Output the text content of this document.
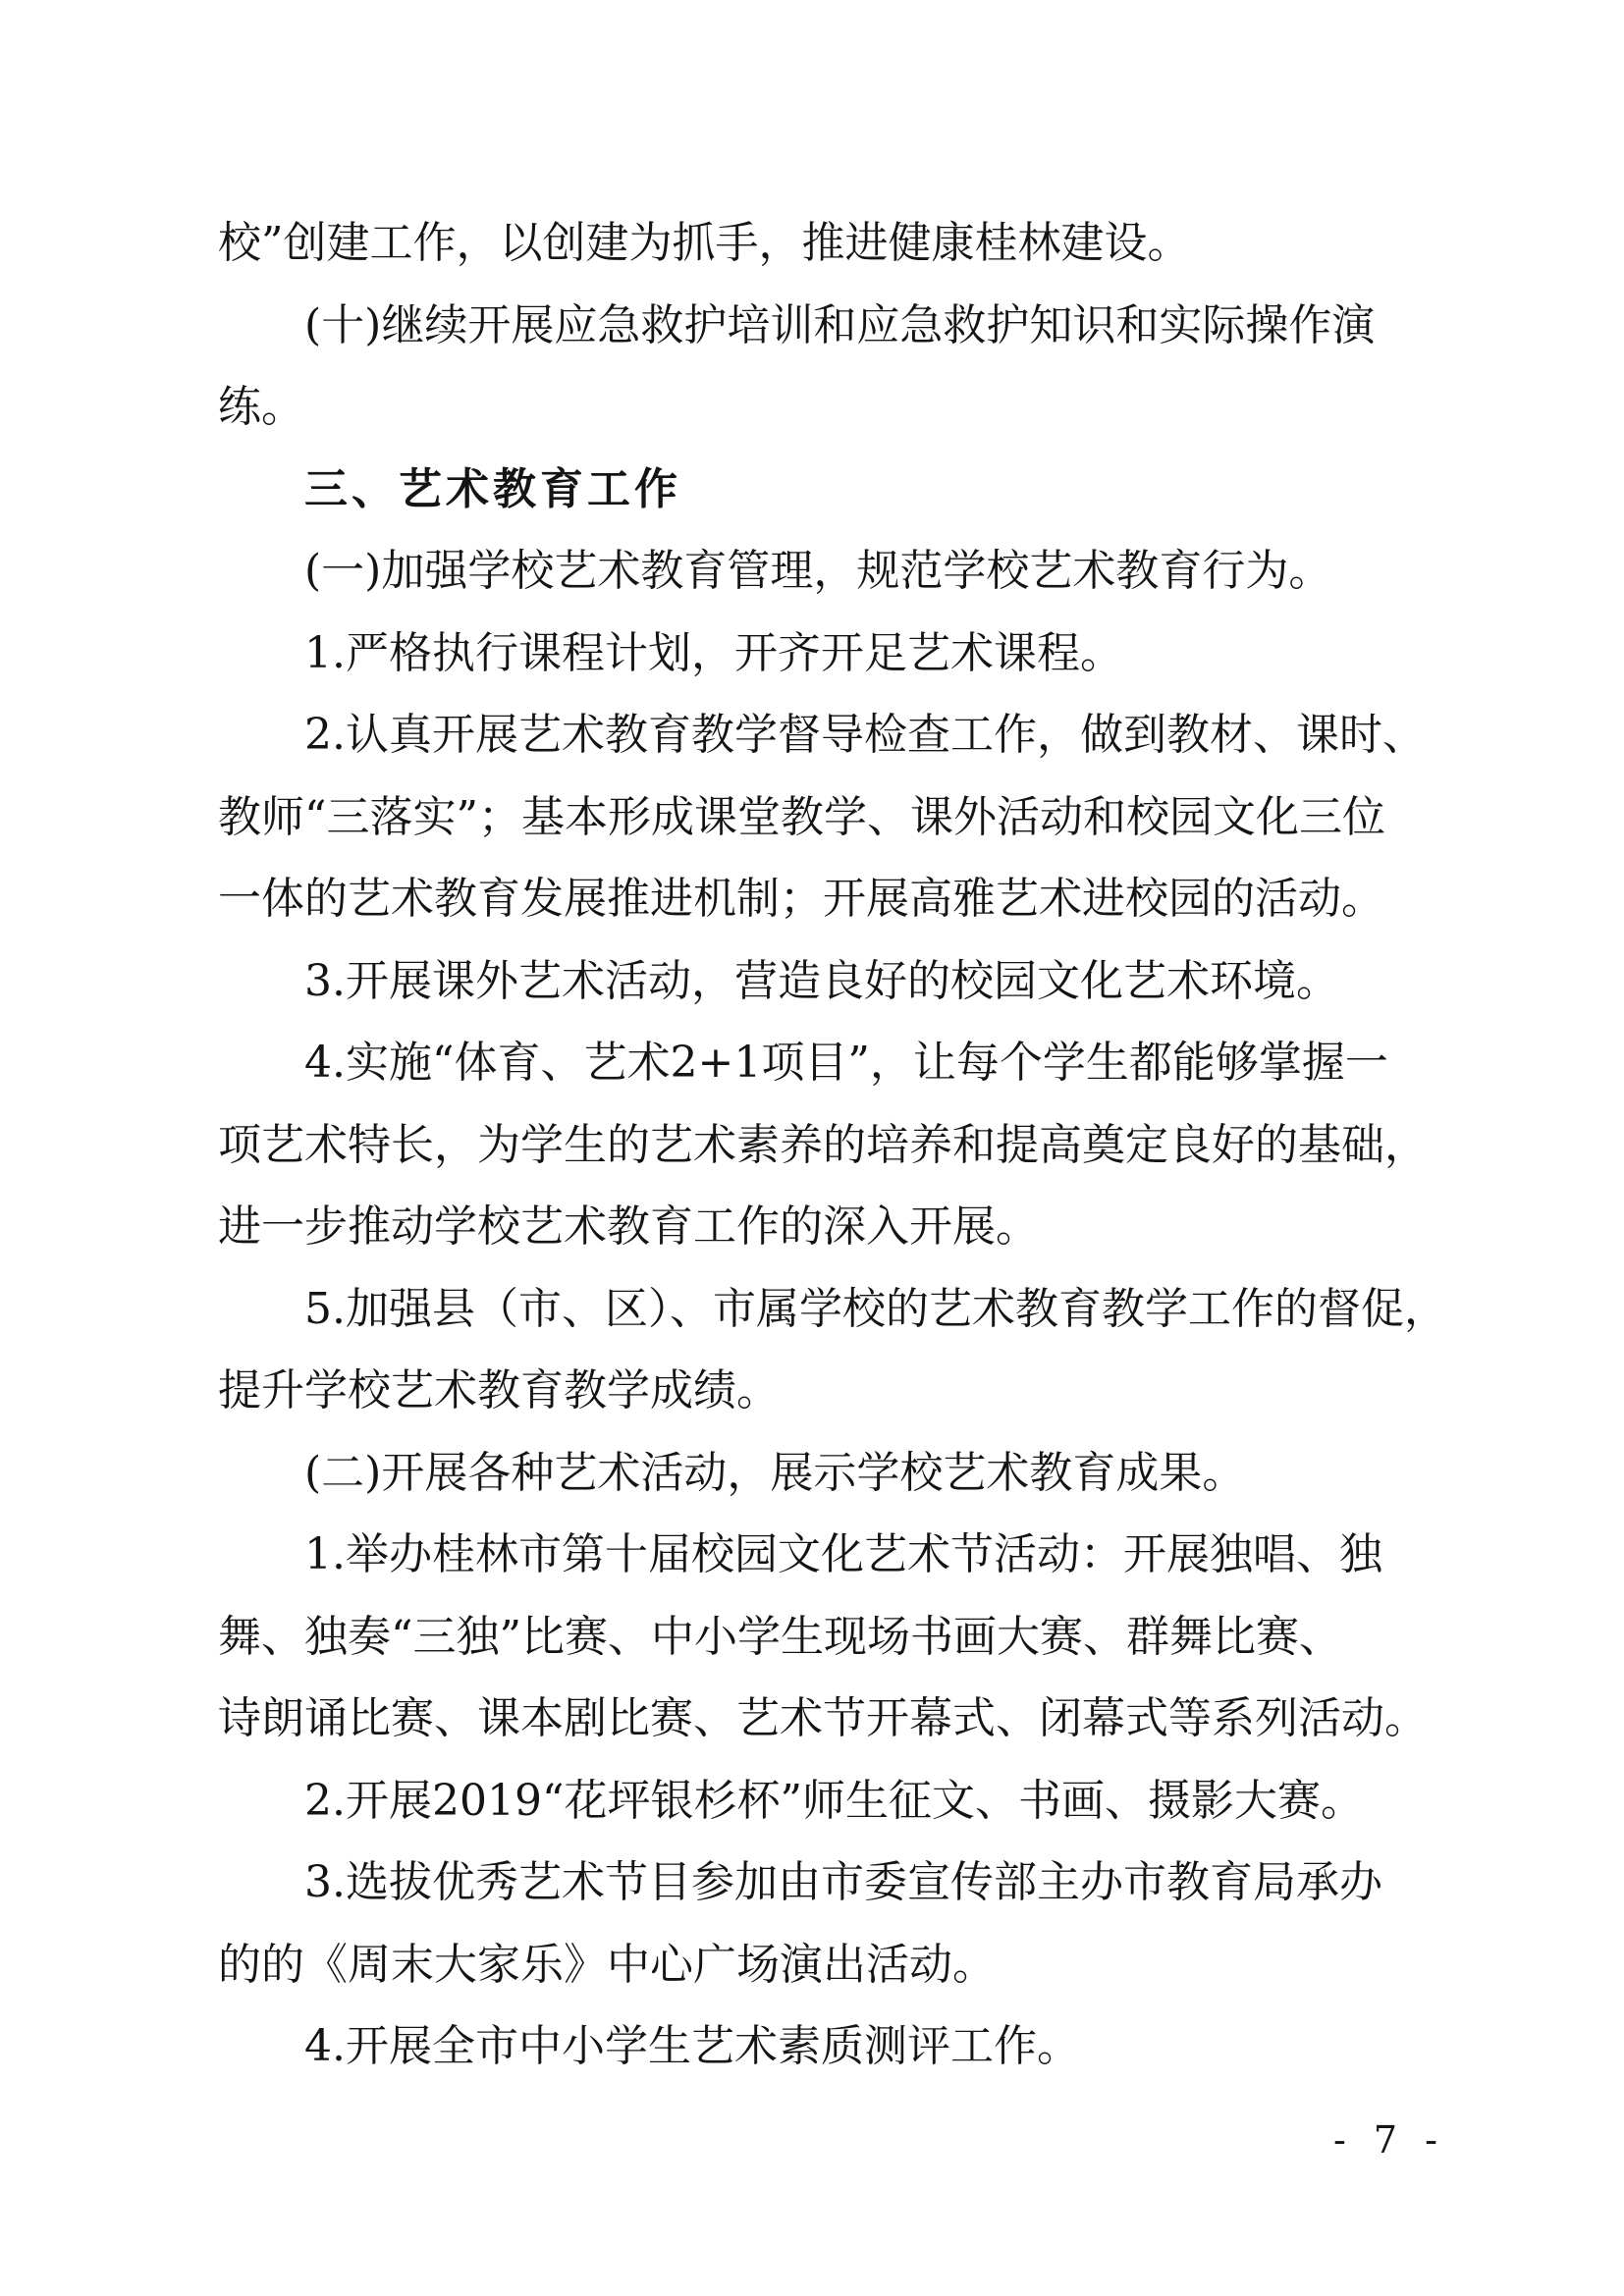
校”创建工作，以创建为抓手，推进健康桂林建设。
(十)继续开展应急救护培训和应急救护知识和实际操作演
练。
三、艺术教育工作
(一)加强学校艺术教育管理，规范学校艺术教育行为。
1.严格执行课程计划，开齐开足艺术课程。
2.认真开展艺术教育教学督导检查工作，做到教材、课时、
教师“三落实”；基本形成课堂教学、课外活动和校园文化三位
一体的艺术教育发展推进机制；开展高雅艺术进校园的活动。
3.开展课外艺术活动，营造良好的校园文化艺术环境。
4.实施“体育、艺术2+1项目”，让每个学生都能够掌握一
项艺术特长，为学生的艺术素养的培养和提高奠定良好的基础，
进一步推动学校艺术教育工作的深入开展。
5.加强县（市、区）、市属学校的艺术教育教学工作的督促，
提升学校艺术教育教学成绩。
(二)开展各种艺术活动，展示学校艺术教育成果。
1.举办桂林市第十届校园文化艺术节活动：开展独唱、独
舞、独奏“三独”比赛、中小学生现场书画大赛、群舞比赛、
诗朗诵比赛、课本剧比赛、艺术节开幕式、闭幕式等系列活动。
2.开展2019“花坪银杉杯”师生征文、书画、摄影大赛。
3.选拔优秀艺术节目参加由市委宣传部主办市教育局承办
的的《周末大家乐》中心广场演出活动。
4.开展全市中小学生艺术素质测评工作。
- 7 -
